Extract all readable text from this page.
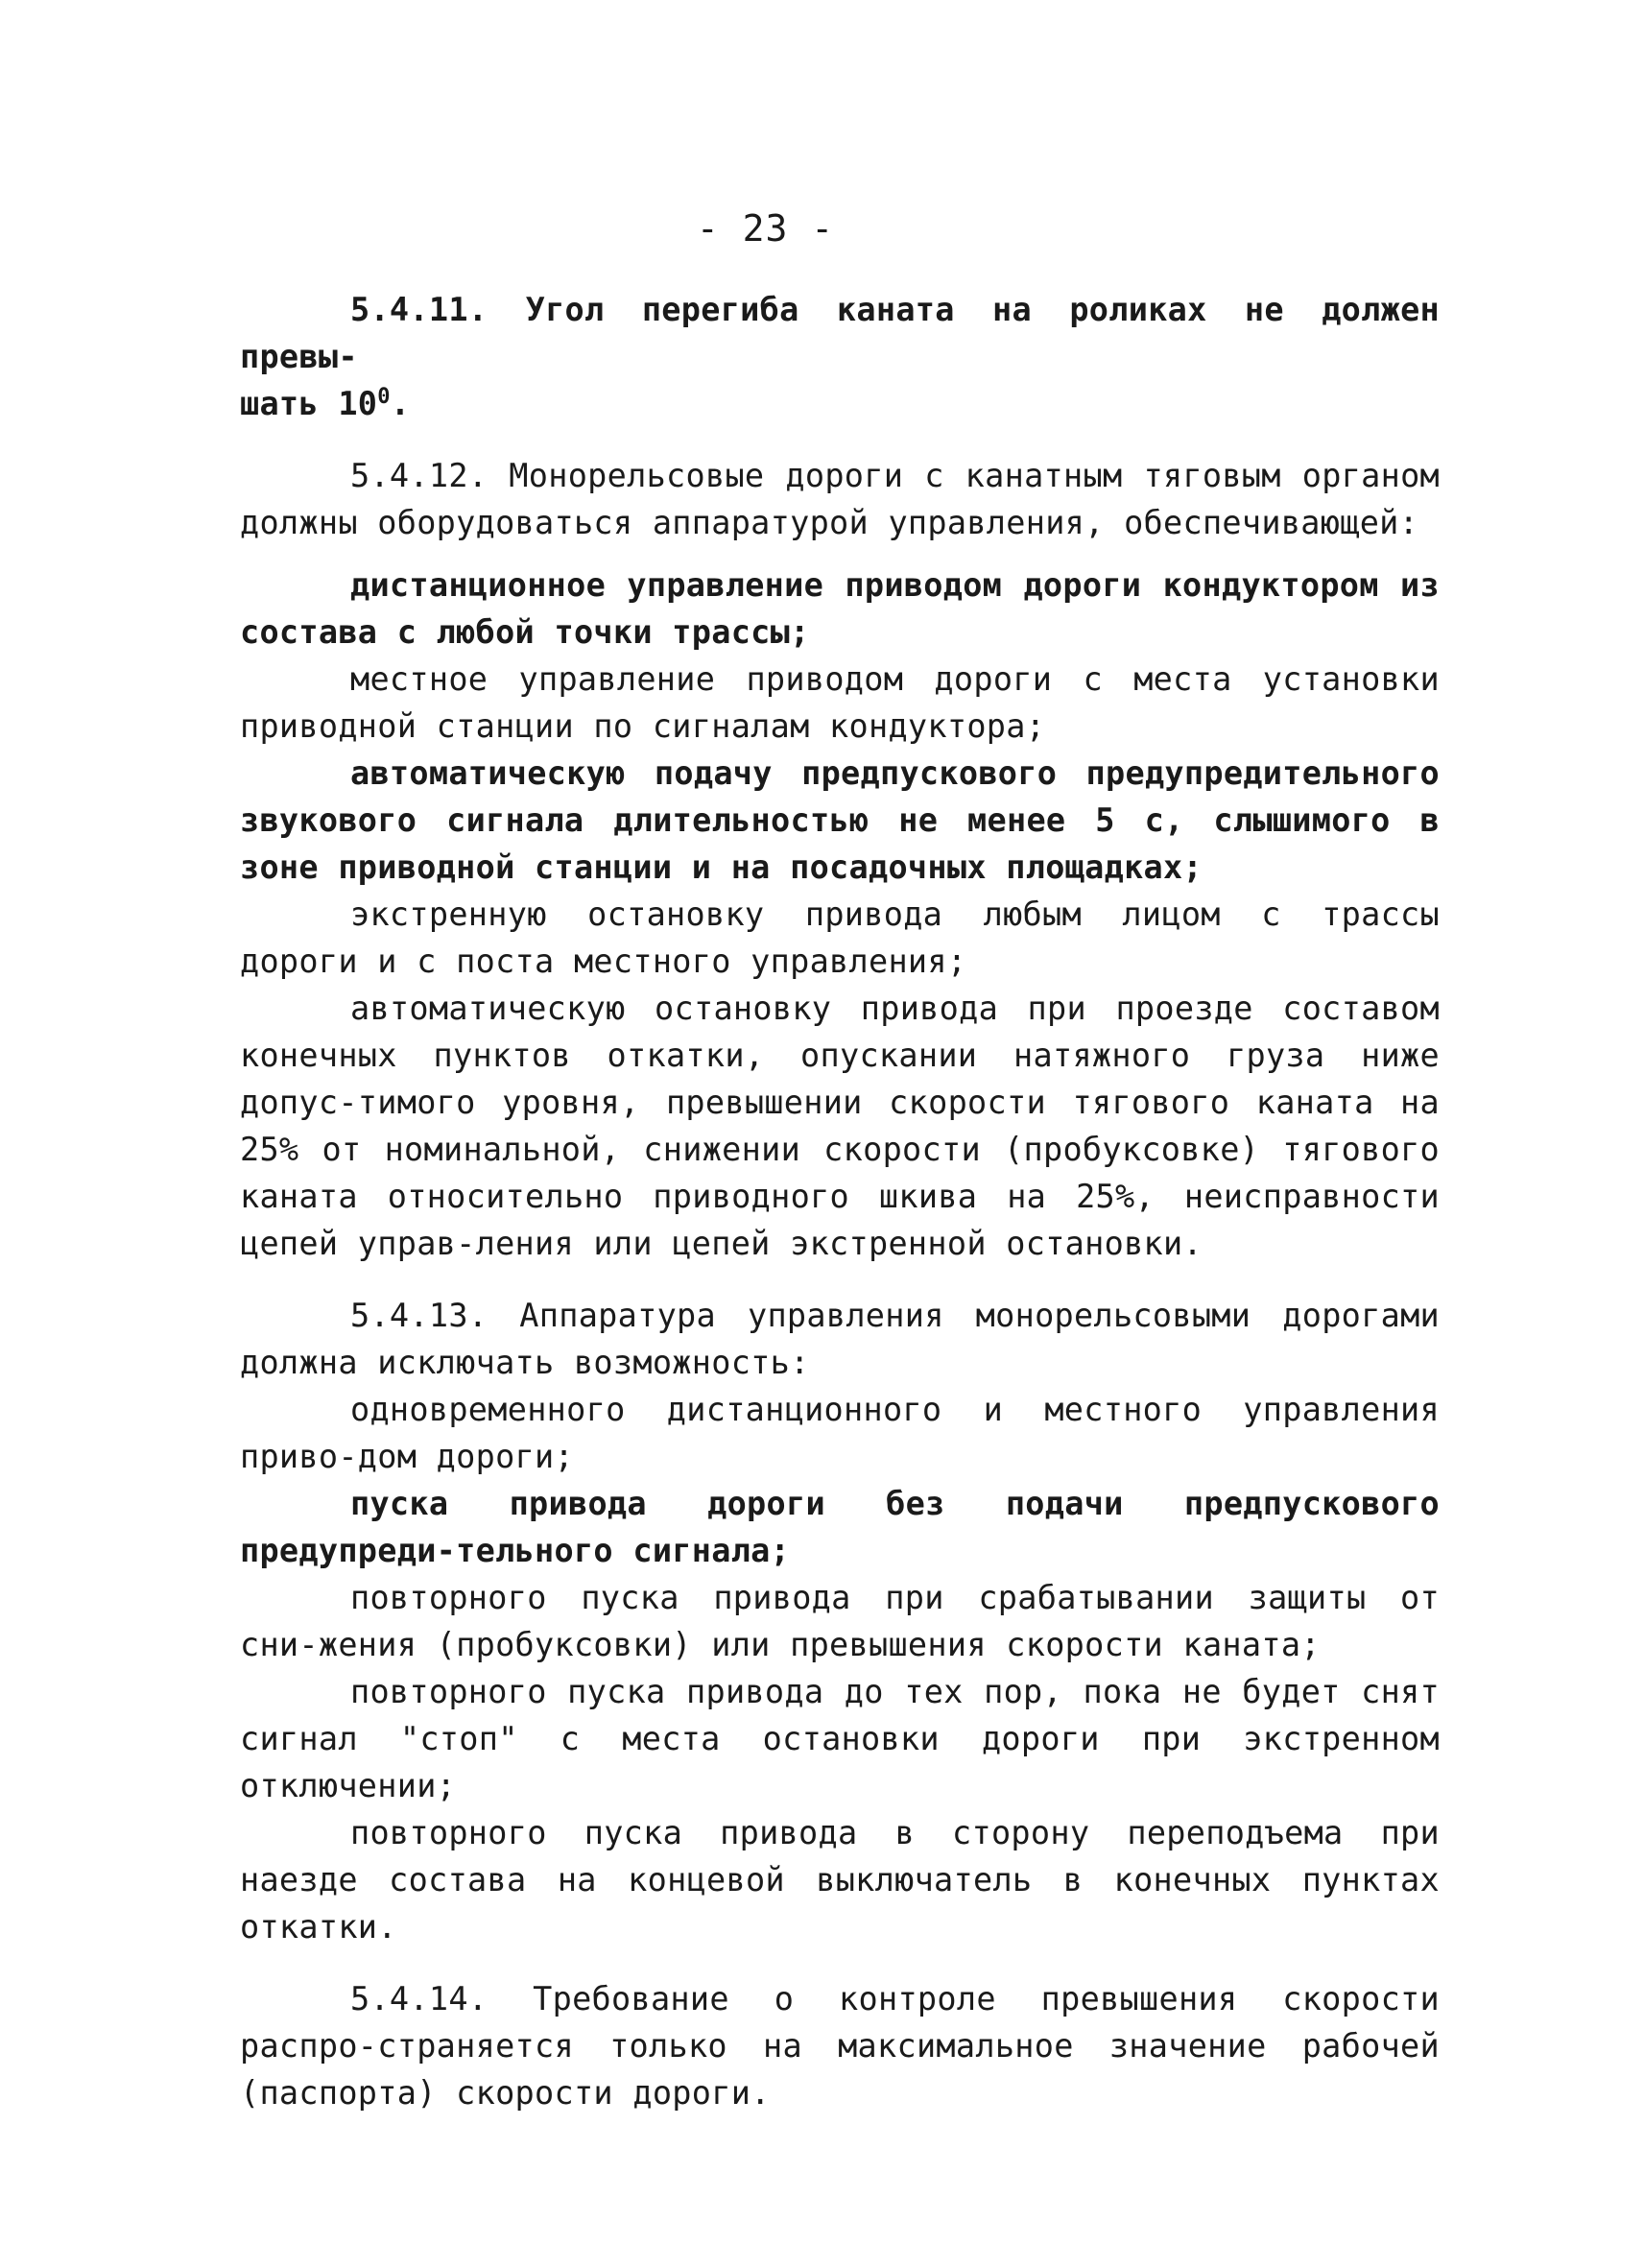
- 23 -

5.4.11. Угол перегиба каната на роликах не должен превы-
шать $10^0$.

5.4.12. Монорельсовые дороги с канатным тяговым органом должны оборудоваться аппаратурой управления, обеспечивающей:

дистанционное управление приводом дороги кондуктором из состава с любой точки трассы;

местное управление приводом дороги с места установки приводной станции по сигналам кондуктора;

автоматическую подачу предпускового предупредительного звукового сигнала длительностью не менее 5 с, слышимого в зоне приводной станции и на посадочных площадках;

экстренную остановку привода любым лицом с трассы дороги и с поста местного управления;

автоматическую остановку привода при проезде составом конечных пунктов откатки, опускании натяжного груза ниже допус-тимого уровня, превышении скорости тягового каната на 25% от номинальной, снижении скорости (пробуксовке) тягового каната относительно приводного шкива на 25%, неисправности цепей управ-ления или цепей экстренной остановки.

5.4.13. Аппаратура управления монорельсовыми дорогами должна исключать возможность:

одновременного дистанционного и местного управления приво-дом дороги;

пуска привода дороги без подачи предпускового предупреди-тельного сигнала;

повторного пуска привода при срабатывании защиты от сни-жения (пробуксовки) или превышения скорости каната;

повторного пуска привода до тех пор, пока не будет снят сигнал "стоп" с места остановки дороги при экстренном отключении;

повторного пуска привода в сторону переподъема при наезде состава на концевой выключатель в конечных пунктах откатки.

5.4.14. Требование о контроле превышения скорости распро-страняется только на максимальное значение рабочей (паспорта) скорости дороги.
